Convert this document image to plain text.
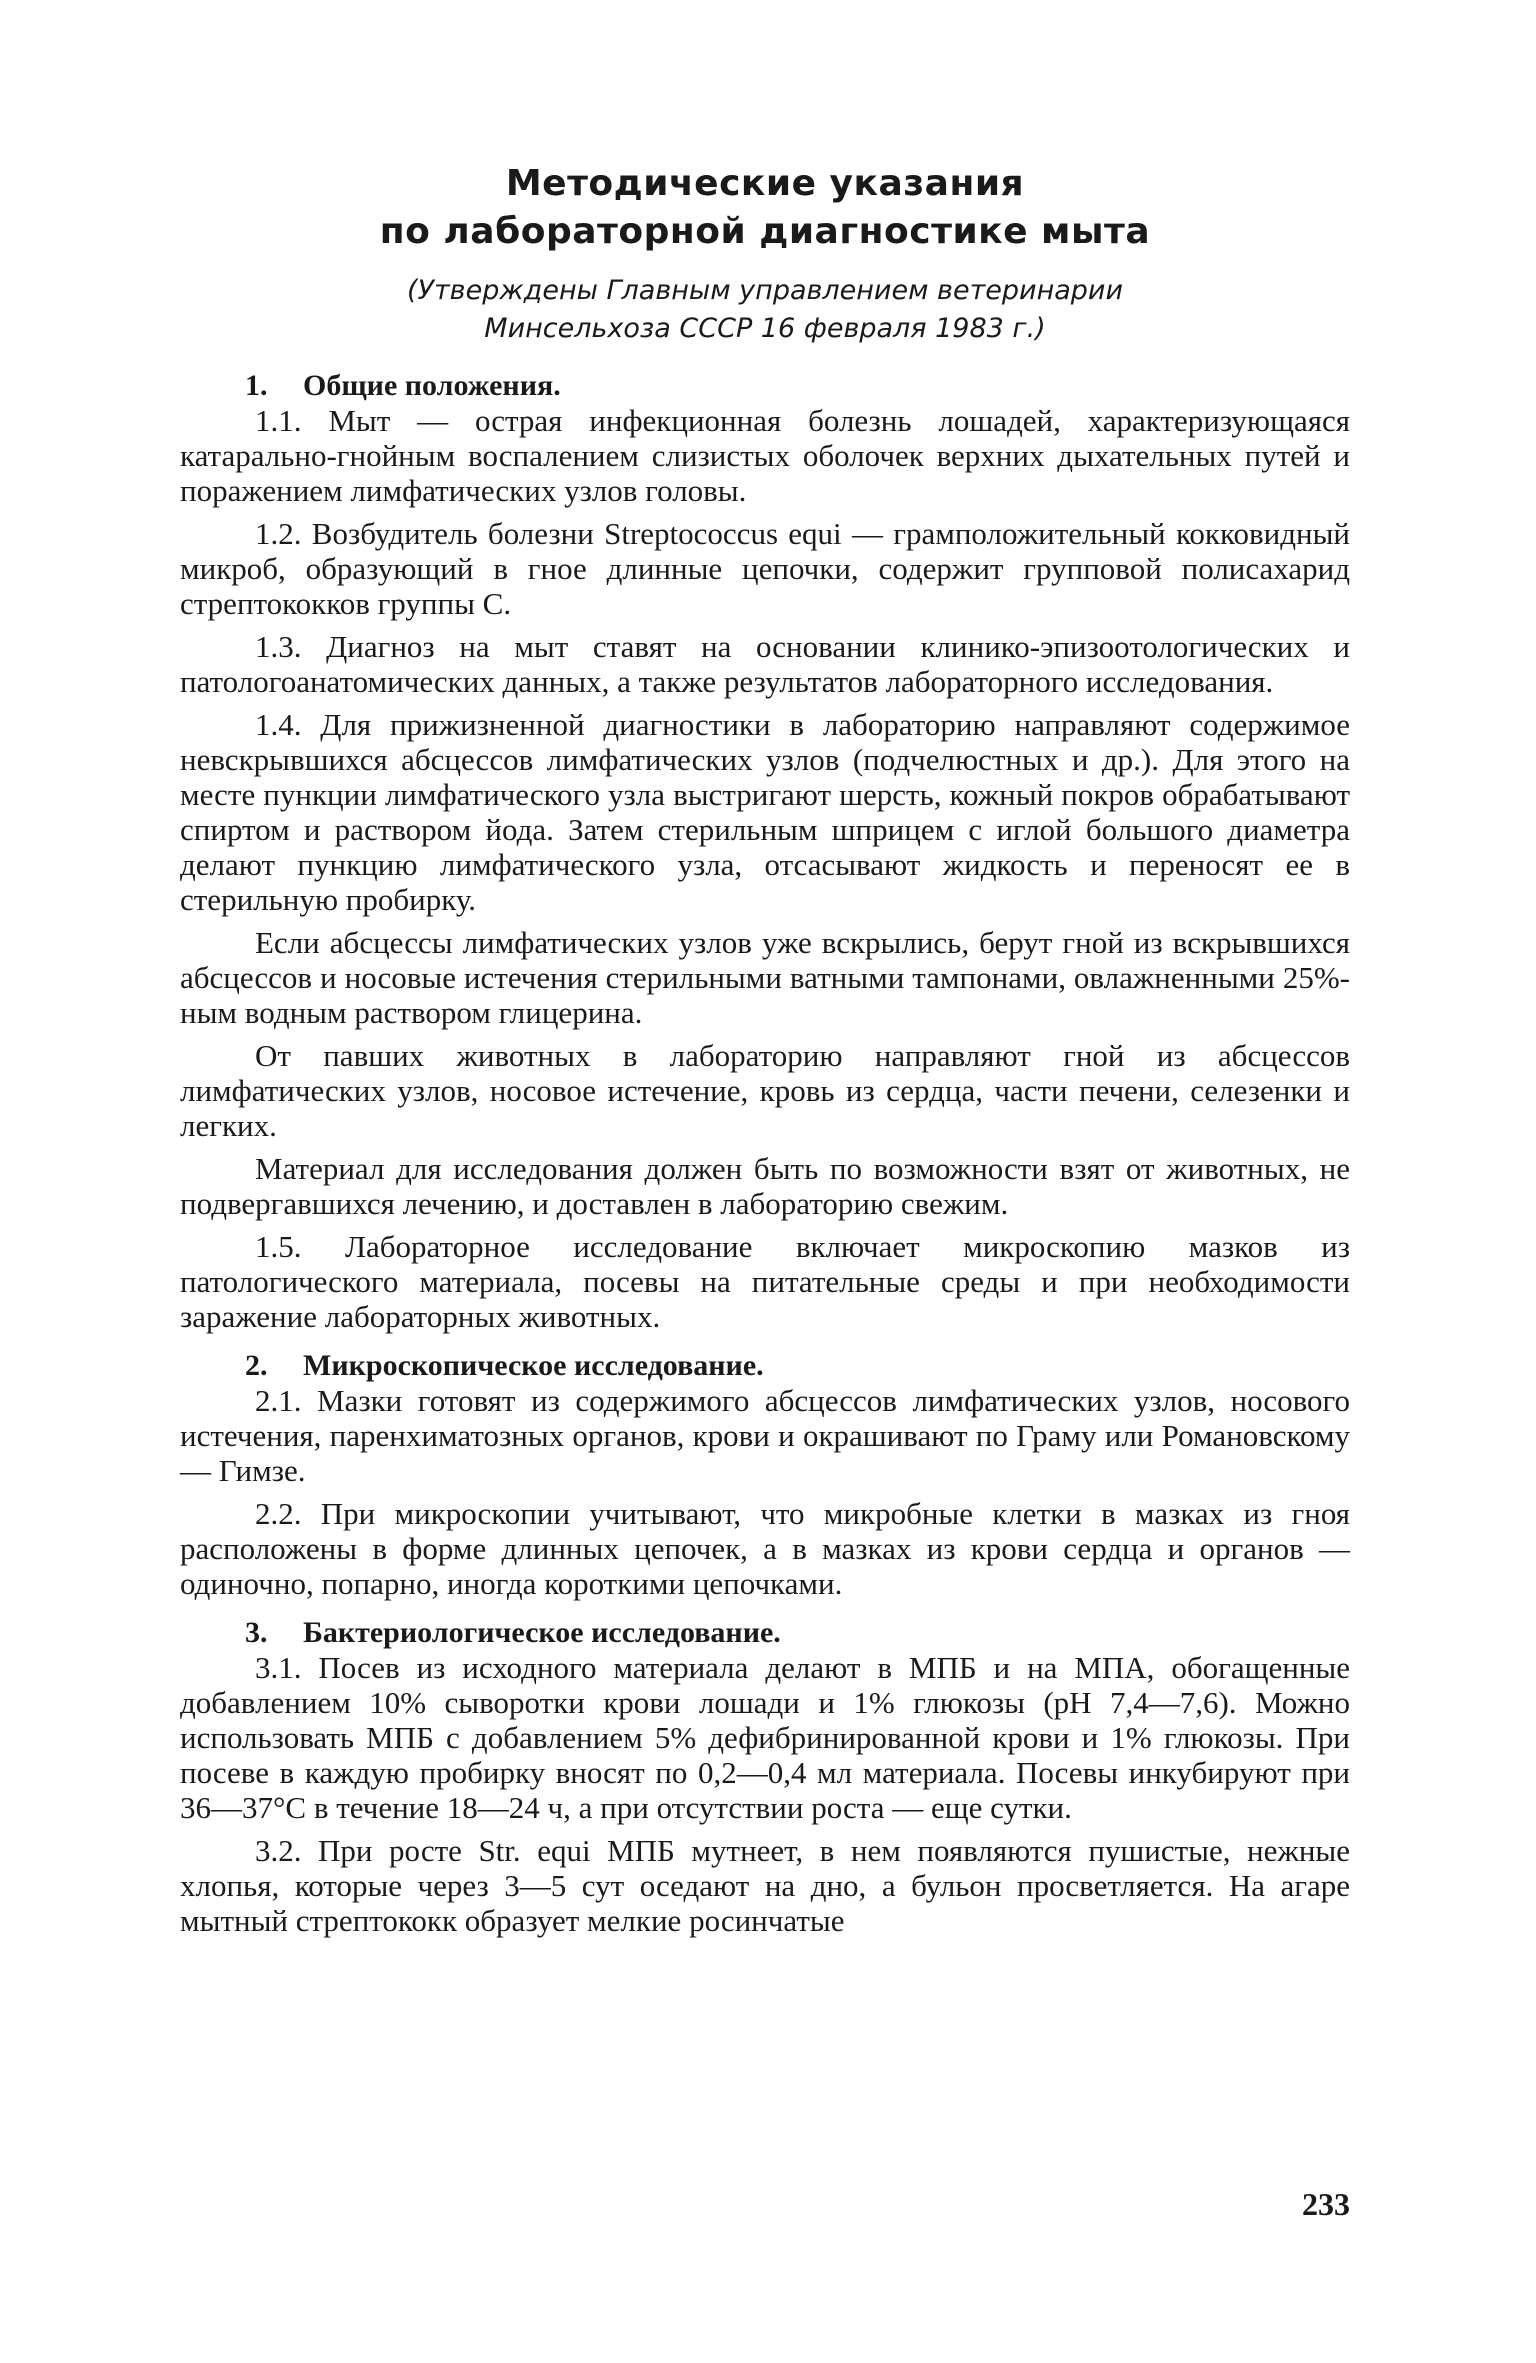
Методические указания
по лабораторной диагностике мыта

(Утверждены Главным управлением ветеринарии
Минсельхоза СССР 16 февраля 1983 г.)

1. Общие положения.

1.1. Мыт — острая инфекционная болезнь лошадей, характеризующаяся катарально-гнойным воспалением слизистых оболочек верхних дыхательных путей и поражением лимфатических узлов головы.

1.2. Возбудитель болезни Streptococcus equi — грамположительный кокковидный микроб, образующий в гное длинные цепочки, содержит групповой полисахарид стрептококков группы С.

1.3. Диагноз на мыт ставят на основании клинико-эпизоотологических и патологоанатомических данных, а также результатов лабораторного исследования.

1.4. Для прижизненной диагностики в лабораторию направляют содержимое невскрывшихся абсцессов лимфатических узлов (подчелюстных и др.). Для этого на месте пункции лимфатического узла выстригают шерсть, кожный покров обрабатывают спиртом и раствором йода. Затем стерильным шприцем с иглой большого диаметра делают пункцию лимфатического узла, отсасывают жидкость и переносят ее в стерильную пробирку.

Если абсцессы лимфатических узлов уже вскрылись, берут гной из вскрывшихся абсцессов и носовые истечения стерильными ватными тампонами, овлажненными 25%-ным водным раствором глицерина.

От павших животных в лабораторию направляют гной из абсцессов лимфатических узлов, носовое истечение, кровь из сердца, части печени, селезенки и легких.

Материал для исследования должен быть по возможности взят от животных, не подвергавшихся лечению, и доставлен в лабораторию свежим.

1.5. Лабораторное исследование включает микроскопию мазков из патологического материала, посевы на питательные среды и при необходимости заражение лабораторных животных.

2. Микроскопическое исследование.

2.1. Мазки готовят из содержимого абсцессов лимфатических узлов, носового истечения, паренхиматозных органов, крови и окрашивают по Граму или Романовскому — Гимзе.

2.2. При микроскопии учитывают, что микробные клетки в мазках из гноя расположены в форме длинных цепочек, а в мазках из крови сердца и органов — одиночно, попарно, иногда короткими цепочками.

3. Бактериологическое исследование.

3.1. Посев из исходного материала делают в МПБ и на МПА, обогащенные добавлением 10% сыворотки крови лошади и 1% глюкозы (рН 7,4—7,6). Можно использовать МПБ с добавлением 5% дефибринированной крови и 1% глюкозы. При посеве в каждую пробирку вносят по 0,2—0,4 мл материала. Посевы инкубируют при 36—37°С в течение 18—24 ч, а при отсутствии роста — еще сутки.

3.2. При росте Str. equi МПБ мутнеет, в нем появляются пушистые, нежные хлопья, которые через 3—5 сут оседают на дно, а бульон просветляется. На агаре мытный стрептококк образует мелкие росинчатые

233
